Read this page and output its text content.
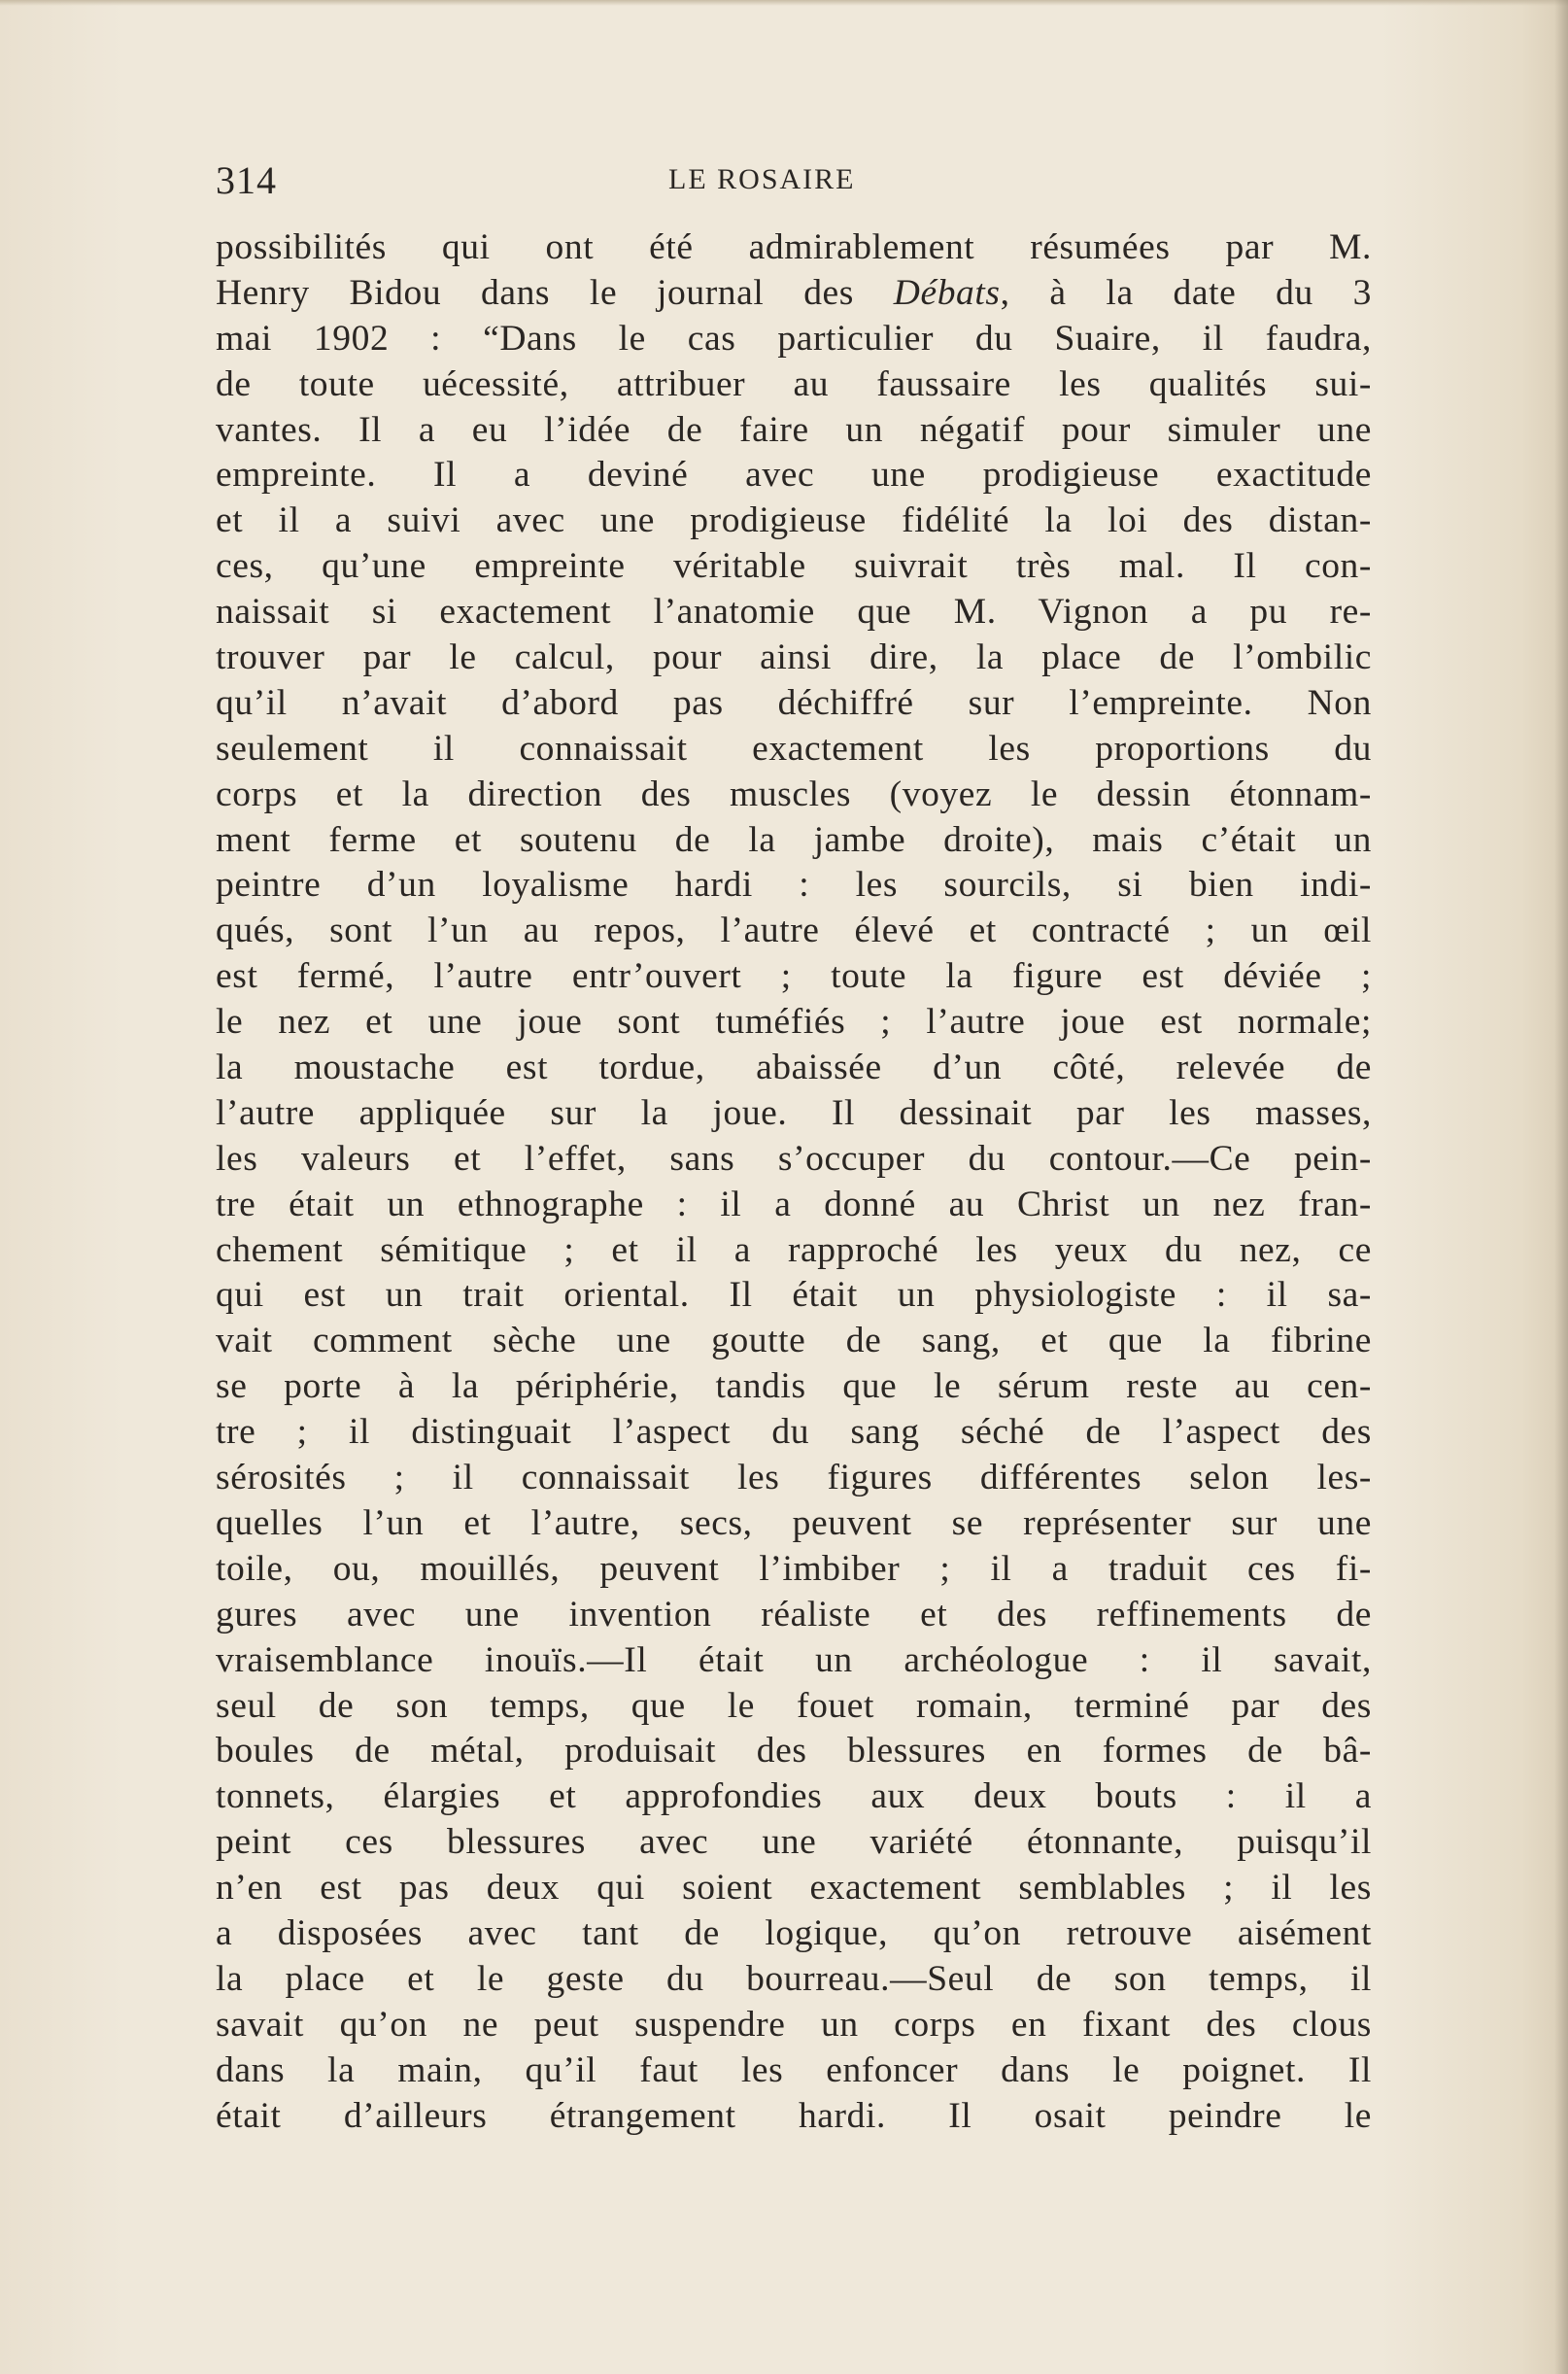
314	LE ROSAIRE
possibilités qui ont été admirablement résumées par M.
Henry Bidou dans le journal des Débats, à la date du 3
mai 1902 : “Dans le cas particulier du Suaire, il faudra,
de toute uécessité, attribuer au faussaire les qualités sui-
vantes. Il a eu l’idée de faire un négatif pour simuler une
empreinte. Il a deviné avec une prodigieuse exactitude
et il a suivi avec une prodigieuse fidélité la loi des distan-
ces, qu’une empreinte véritable suivrait très mal. Il con-
naissait si exactement l’anatomie que M. Vignon a pu re-
trouver par le calcul, pour ainsi dire, la place de l’ombilic
qu’il n’avait d’abord pas déchiffré sur l’empreinte. Non
seulement il connaissait exactement les proportions du
corps et la direction des muscles (voyez le dessin étonnam-
ment ferme et soutenu de la jambe droite), mais c’était un
peintre d’un loyalisme hardi : les sourcils, si bien indi-
qués, sont l’un au repos, l’autre élevé et contracté ; un œil
est fermé, l’autre entr’ouvert ; toute la figure est déviée ;
le nez et une joue sont tuméfiés ; l’autre joue est normale;
la moustache est tordue, abaissée d’un côté, relevée de
l’autre appliquée sur la joue. Il dessinait par les masses,
les valeurs et l’effet, sans s’occuper du contour.—Ce pein-
tre était un ethnographe : il a donné au Christ un nez fran-
chement sémitique ; et il a rapproché les yeux du nez, ce
qui est un trait oriental. Il était un physiologiste : il sa-
vait comment sèche une goutte de sang, et que la fibrine
se porte à la périphérie, tandis que le sérum reste au cen-
tre ; il distinguait l’aspect du sang séché de l’aspect des
sérosités ; il connaissait les figures différentes selon les-
quelles l’un et l’autre, secs, peuvent se représenter sur une
toile, ou, mouillés, peuvent l’imbiber ; il a traduit ces fi-
gures avec une invention réaliste et des reffinements de
vraisemblance inouïs.—Il était un archéologue : il savait,
seul de son temps, que le fouet romain, terminé par des
boules de métal, produisait des blessures en formes de bâ-
tonnets, élargies et approfondies aux deux bouts : il a
peint ces blessures avec une variété étonnante, puisqu’il
n’en est pas deux qui soient exactement semblables ; il les
a disposées avec tant de logique, qu’on retrouve aisément
la place et le geste du bourreau.—Seul de son temps, il
savait qu’on ne peut suspendre un corps en fixant des clous
dans la main, qu’il faut les enfoncer dans le poignet. Il
était d’ailleurs étrangement hardi. Il osait peindre le
